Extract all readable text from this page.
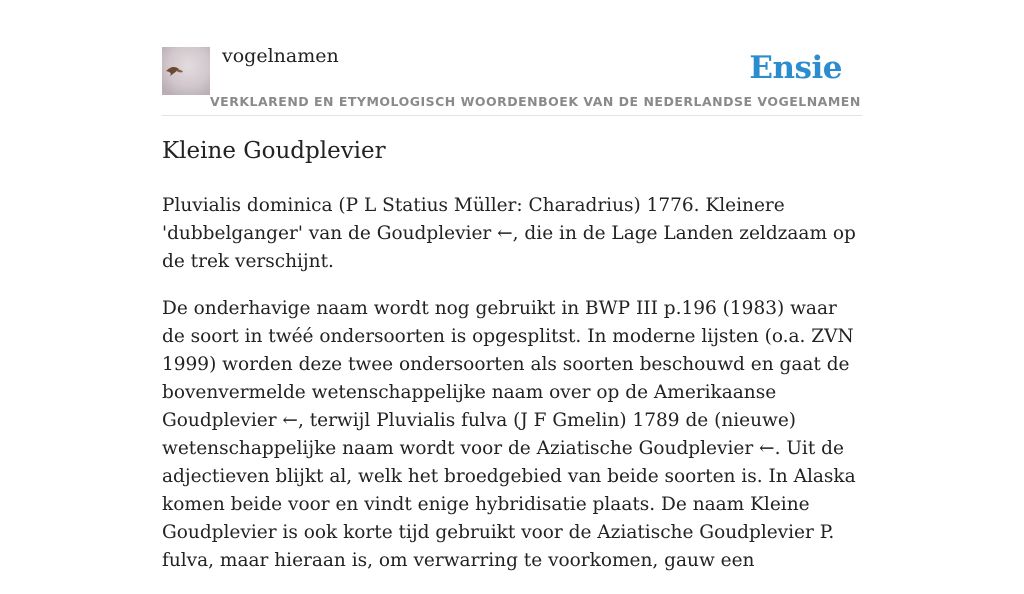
vogelnamen	Ensie
VERKLAREND EN ETYMOLOGISCH WOORDENBOEK VAN DE NEDERLANDSE VOGELNAMEN
Kleine Goudplevier

Pluvialis dominica (P L Statius Müller: Charadrius) 1776. Kleinere 'dubbelganger' van de Goudplevier ←, die in de Lage Landen zeldzaam op de trek verschijnt.

De onderhavige naam wordt nog gebruikt in BWP III p.196 (1983) waar de soort in twéé ondersoorten is opgesplitst. In moderne lijsten (o.a. ZVN 1999) worden deze twee ondersoorten als soorten beschouwd en gaat de bovenvermelde wetenschappelijke naam over op de Amerikaanse Goudplevier ←, terwijl Pluvialis fulva (J F Gmelin) 1789 de (nieuwe) wetenschappelijke naam wordt voor de Aziatische Goudplevier ←. Uit de adjectieven blijkt al, welk het broedgebied van beide soorten is. In Alaska komen beide voor en vindt enige hybridisatie plaats. De naam Kleine Goudplevier is ook korte tijd gebruikt voor de Aziatische Goudplevier P. fulva, maar hieraan is, om verwarring te voorkomen, gauw een
